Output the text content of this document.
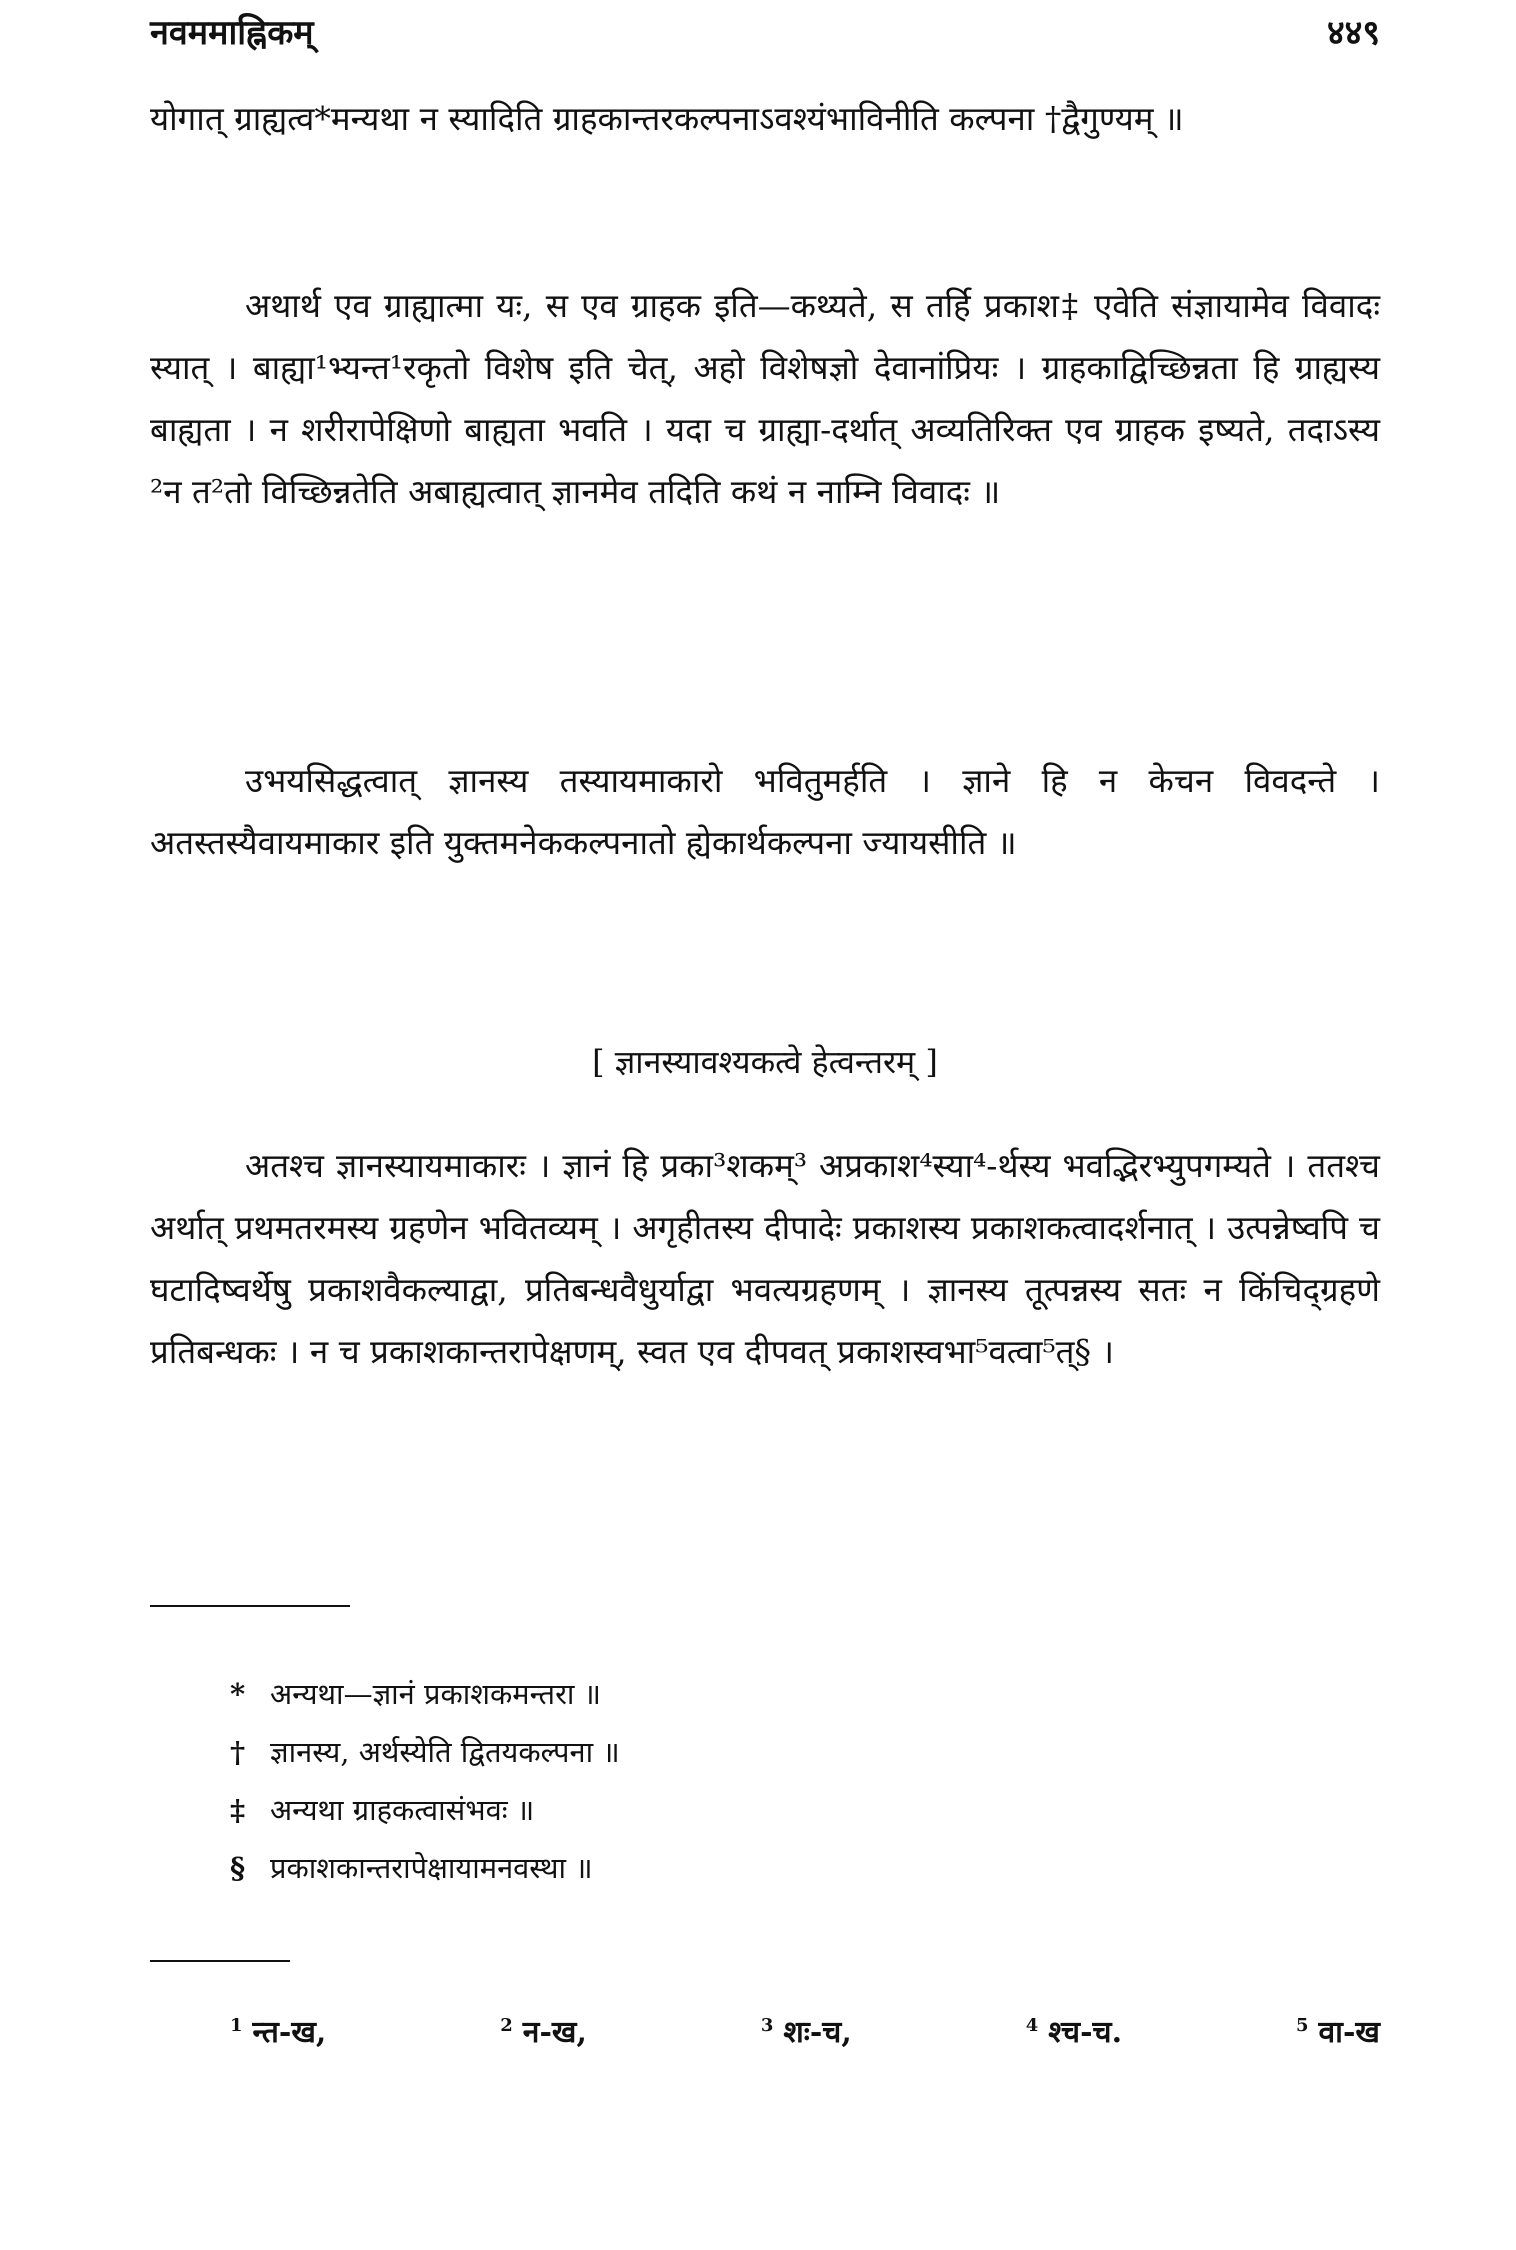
नवममाह्निकम्	४४९

योगात् ग्राह्यत्व*मन्यथा न स्यादिति ग्राहकान्तरकल्पनाऽवश्यंभाविनीति कल्पना †द्वैगुण्यम् ॥

अथार्थ एव ग्राह्यात्मा यः, स एव ग्राहक इति—कथ्यते, स तर्हि प्रकाश‡ एवेति संज्ञायामेव विवादः स्यात् । बाह्या¹भ्यन्त¹रकृतो विशेष इति चेत्, अहो विशेषज्ञो देवानांप्रियः । ग्राहकाद्विच्छिन्नता हि ग्राह्यस्य बाह्यता । न शरीरापेक्षिणो बाह्यता भवति । यदा च ग्राह्या-दर्थात् अव्यतिरिक्त एव ग्राहक इष्यते, तदाऽस्य ²न त²तो विच्छिन्नतेति अबाह्यत्वात् ज्ञानमेव तदिति कथं न नाम्नि विवादः ॥

उभयसिद्धत्वात् ज्ञानस्य तस्यायमाकारो भवितुमर्हति । ज्ञाने हि न केचन विवदन्ते । अतस्तस्यैवायमाकार इति युक्तमनेककल्पनातो ह्येकार्थकल्पना ज्यायसीति ॥

[ ज्ञानस्यावश्यकत्वे हेत्वन्तरम् ]

अतश्च ज्ञानस्यायमाकारः । ज्ञानं हि प्रका³शकम्³ अप्रकाश⁴स्या⁴-र्थस्य भवद्भिरभ्युपगम्यते । ततश्च अर्थात् प्रथमतरमस्य ग्रहणेन भवितव्यम् । अगृहीतस्य दीपादेः प्रकाशस्य प्रकाशकत्वादर्शनात् । उत्पन्नेष्वपि च घटादिष्वर्थेषु प्रकाशवैकल्याद्वा, प्रतिबन्धवैधुर्याद्वा भवत्यग्रहणम् । ज्ञानस्य तूत्पन्नस्य सतः न किंचिद्ग्रहणे प्रतिबन्धकः । न च प्रकाशकान्तरापेक्षणम्, स्वत एव दीपवत् प्रकाशस्वभा⁵वत्वा⁵त्§ ।

* अन्यथा—ज्ञानं प्रकाशकमन्तरा ॥
† ज्ञानस्य, अर्थस्येति द्वितयकल्पना ॥
‡ अन्यथा ग्राहकत्वासंभवः ॥
§ प्रकाशकान्तरापेक्षायामनवस्था ॥
$^1$ न्त-ख,	$^2$ न-ख,	$^3$ शः-च,	$^4$ श्च-च.	$^5$ वा-ख
